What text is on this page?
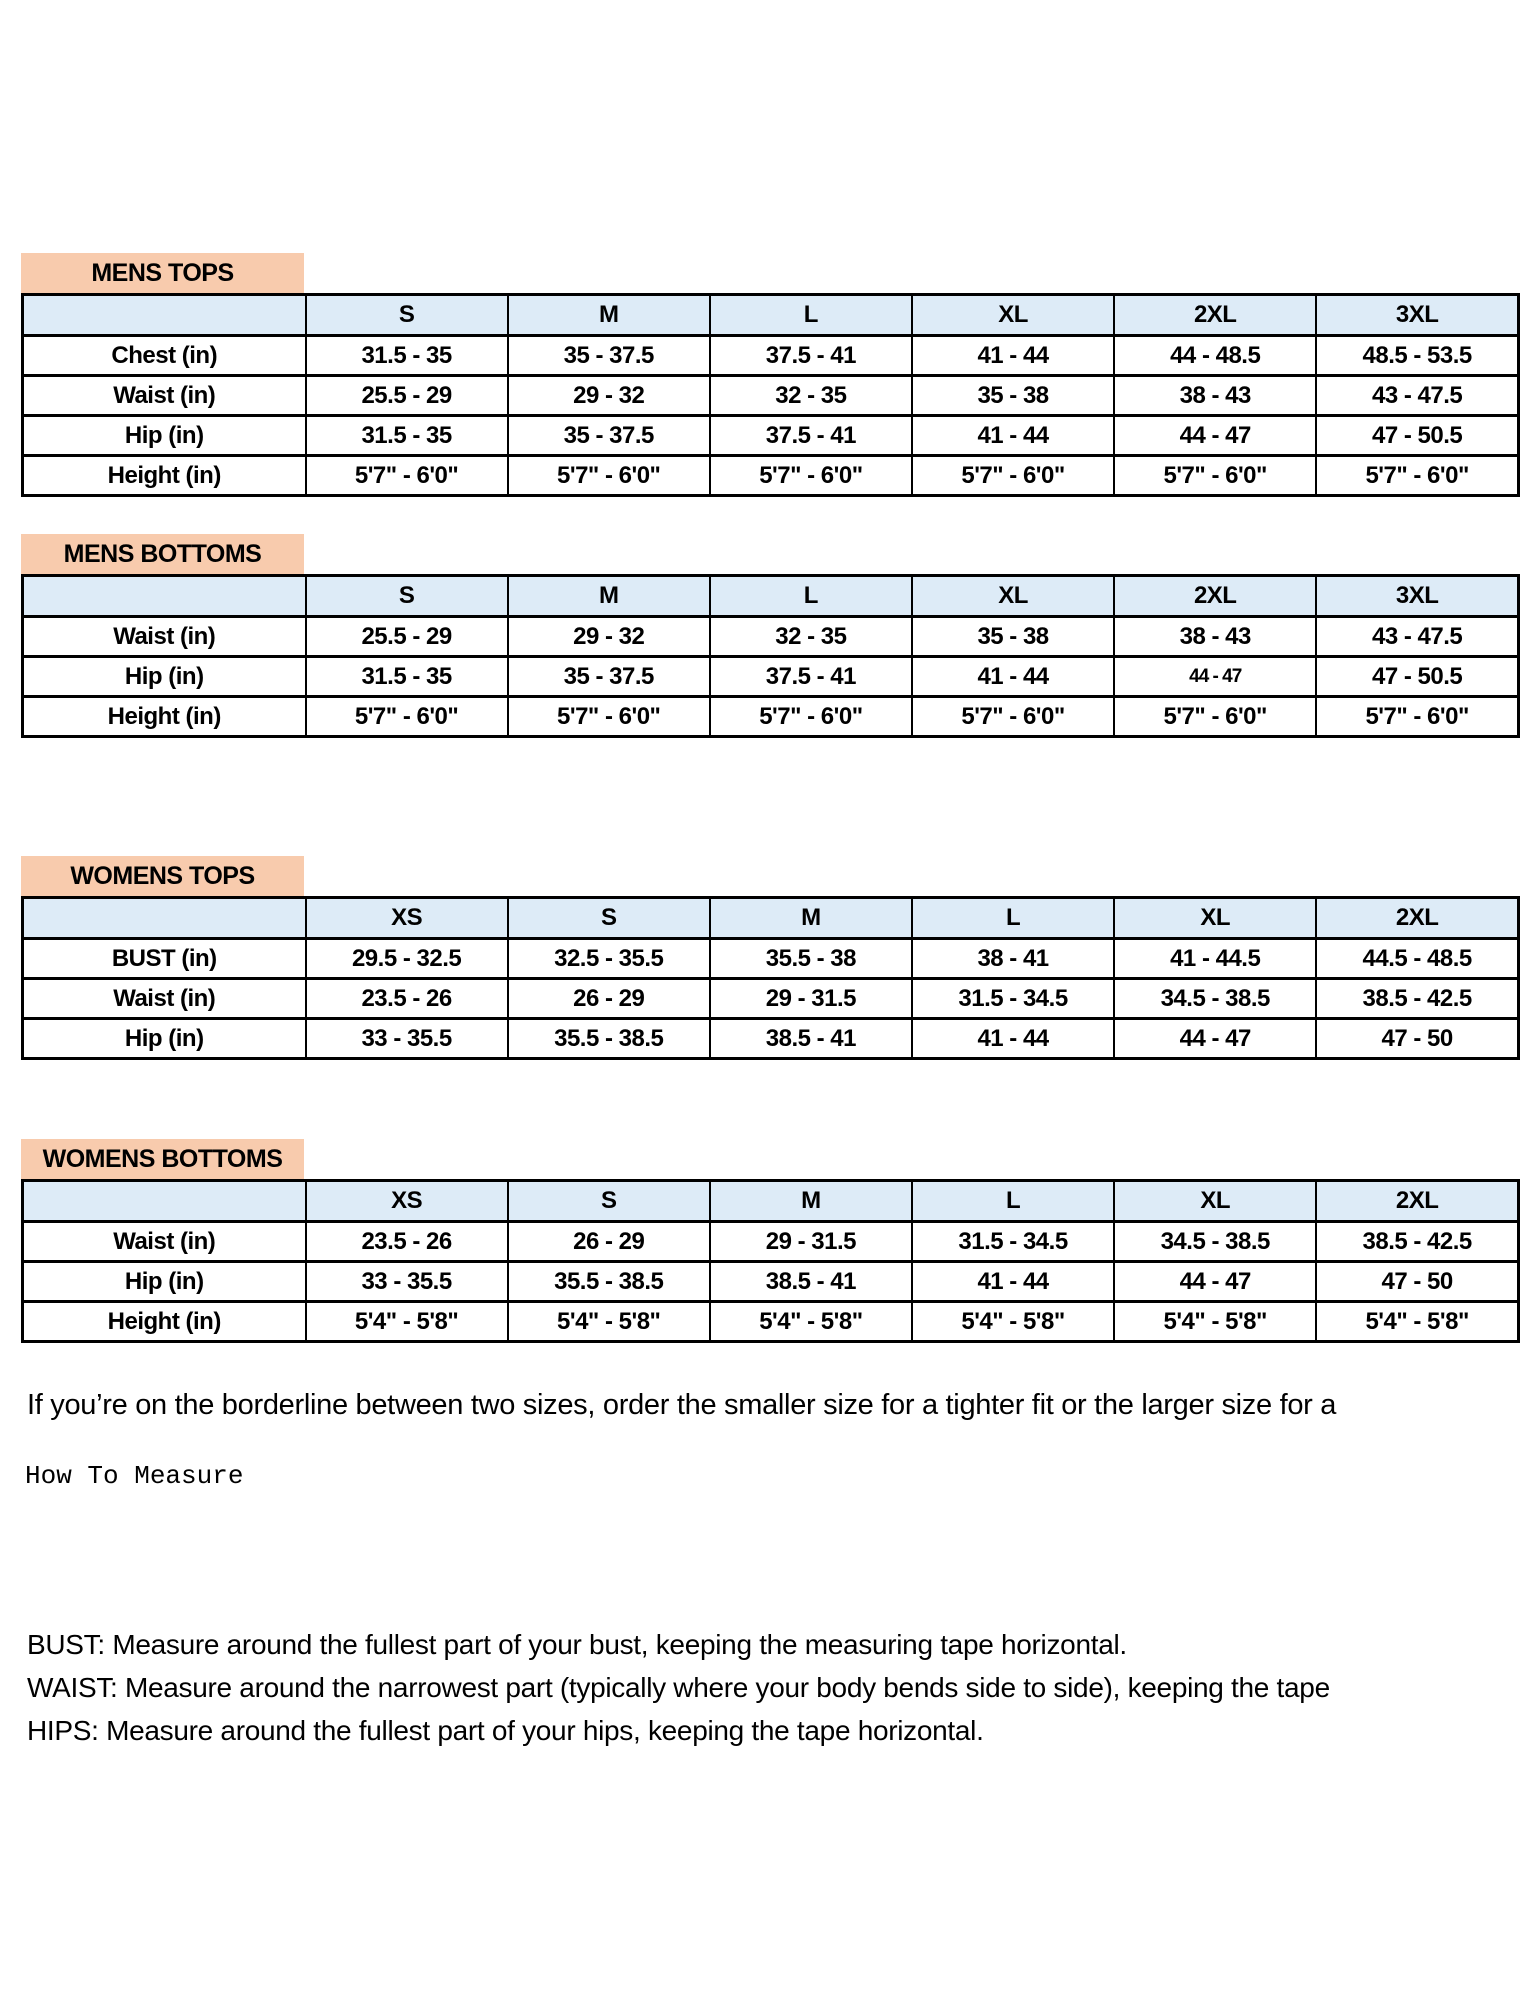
MENS TOPS
	S	M	L	XL	2XL	3XL
Chest (in)	31.5 - 35	35 - 37.5	37.5 - 41	41 - 44	44 - 48.5	48.5 - 53.5
Waist (in)	25.5 - 29	29 - 32	32 - 35	35 - 38	38 - 43	43 - 47.5
Hip (in)	31.5 - 35	35 - 37.5	37.5 - 41	41 - 44	44 - 47	47 - 50.5
Height (in)	5'7" - 6'0"	5'7" - 6'0"	5'7" - 6'0"	5'7" - 6'0"	5'7" - 6'0"	5'7" - 6'0"
MENS BOTTOMS
	S	M	L	XL	2XL	3XL
Waist (in)	25.5 - 29	29 - 32	32 - 35	35 - 38	38 - 43	43 - 47.5
Hip (in)	31.5 - 35	35 - 37.5	37.5 - 41	41 - 44	44 - 47	47 - 50.5
Height (in)	5'7" - 6'0"	5'7" - 6'0"	5'7" - 6'0"	5'7" - 6'0"	5'7" - 6'0"	5'7" - 6'0"
WOMENS TOPS
	XS	S	M	L	XL	2XL
BUST (in)	29.5 - 32.5	32.5 - 35.5	35.5 - 38	38 - 41	41 - 44.5	44.5 - 48.5
Waist (in)	23.5 - 26	26 - 29	29 - 31.5	31.5 - 34.5	34.5 - 38.5	38.5 - 42.5
Hip (in)	33 - 35.5	35.5 - 38.5	38.5 - 41	41 - 44	44 - 47	47 - 50
WOMENS BOTTOMS
	XS	S	M	L	XL	2XL
Waist (in)	23.5 - 26	26 - 29	29 - 31.5	31.5 - 34.5	34.5 - 38.5	38.5 - 42.5
Hip (in)	33 - 35.5	35.5 - 38.5	38.5 - 41	41 - 44	44 - 47	47 - 50
Height (in)	5'4" - 5'8"	5'4" - 5'8"	5'4" - 5'8"	5'4" - 5'8"	5'4" - 5'8"	5'4" - 5'8"

If you’re on the borderline between two sizes, order the smaller size for a tighter fit or the larger size for a

How To Measure

BUST: Measure around the fullest part of your bust, keeping the measuring tape horizontal.

WAIST: Measure around the narrowest part (typically where your body bends side to side), keeping the tape

HIPS: Measure around the fullest part of your hips, keeping the tape horizontal.
